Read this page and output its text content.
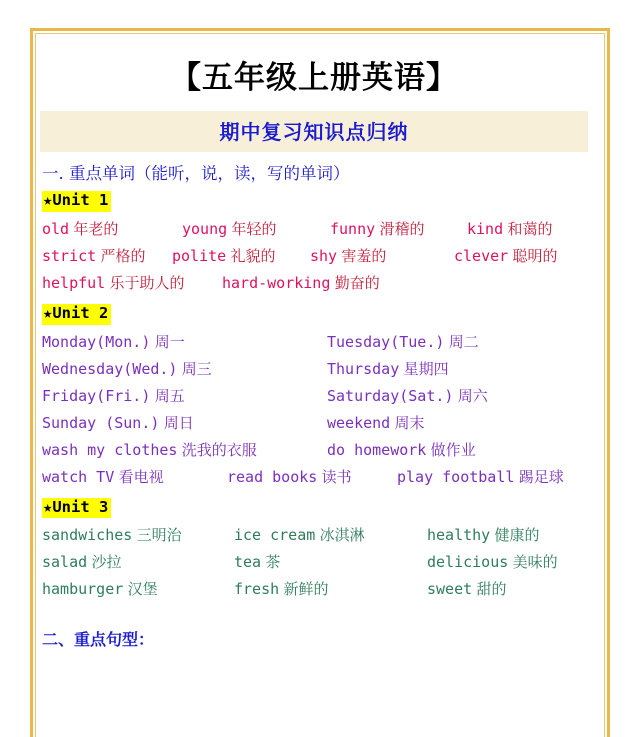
【五年级上册英语】
期中复习知识点归纳
一. 重点单词（能听，说，读，写的单词）
★Unit 1
old 年老的	young 年轻的	funny 滑稽的	kind 和蔼的
strict 严格的 polite 礼貌的 shy 害羞的	clever 聪明的
helpful 乐于助人的 hard-working 勤奋的
★Unit 2
Monday(Mon.) 周一	Tuesday(Tue.) 周二
Wednesday(Wed.) 周三	Thursday 星期四
Friday(Fri.) 周五	Saturday(Sat.) 周六
Sunday (Sun.) 周日	weekend 周末
wash my clothes 洗我的衣服	do homework 做作业
watch TV 看电视	read books 读书	play football 踢足球
★Unit 3
sandwiches 三明治	ice cream 冰淇淋	healthy 健康的
salad 沙拉	tea 茶	delicious 美味的
hamburger 汉堡	fresh 新鲜的	sweet 甜的
二、重点句型：
